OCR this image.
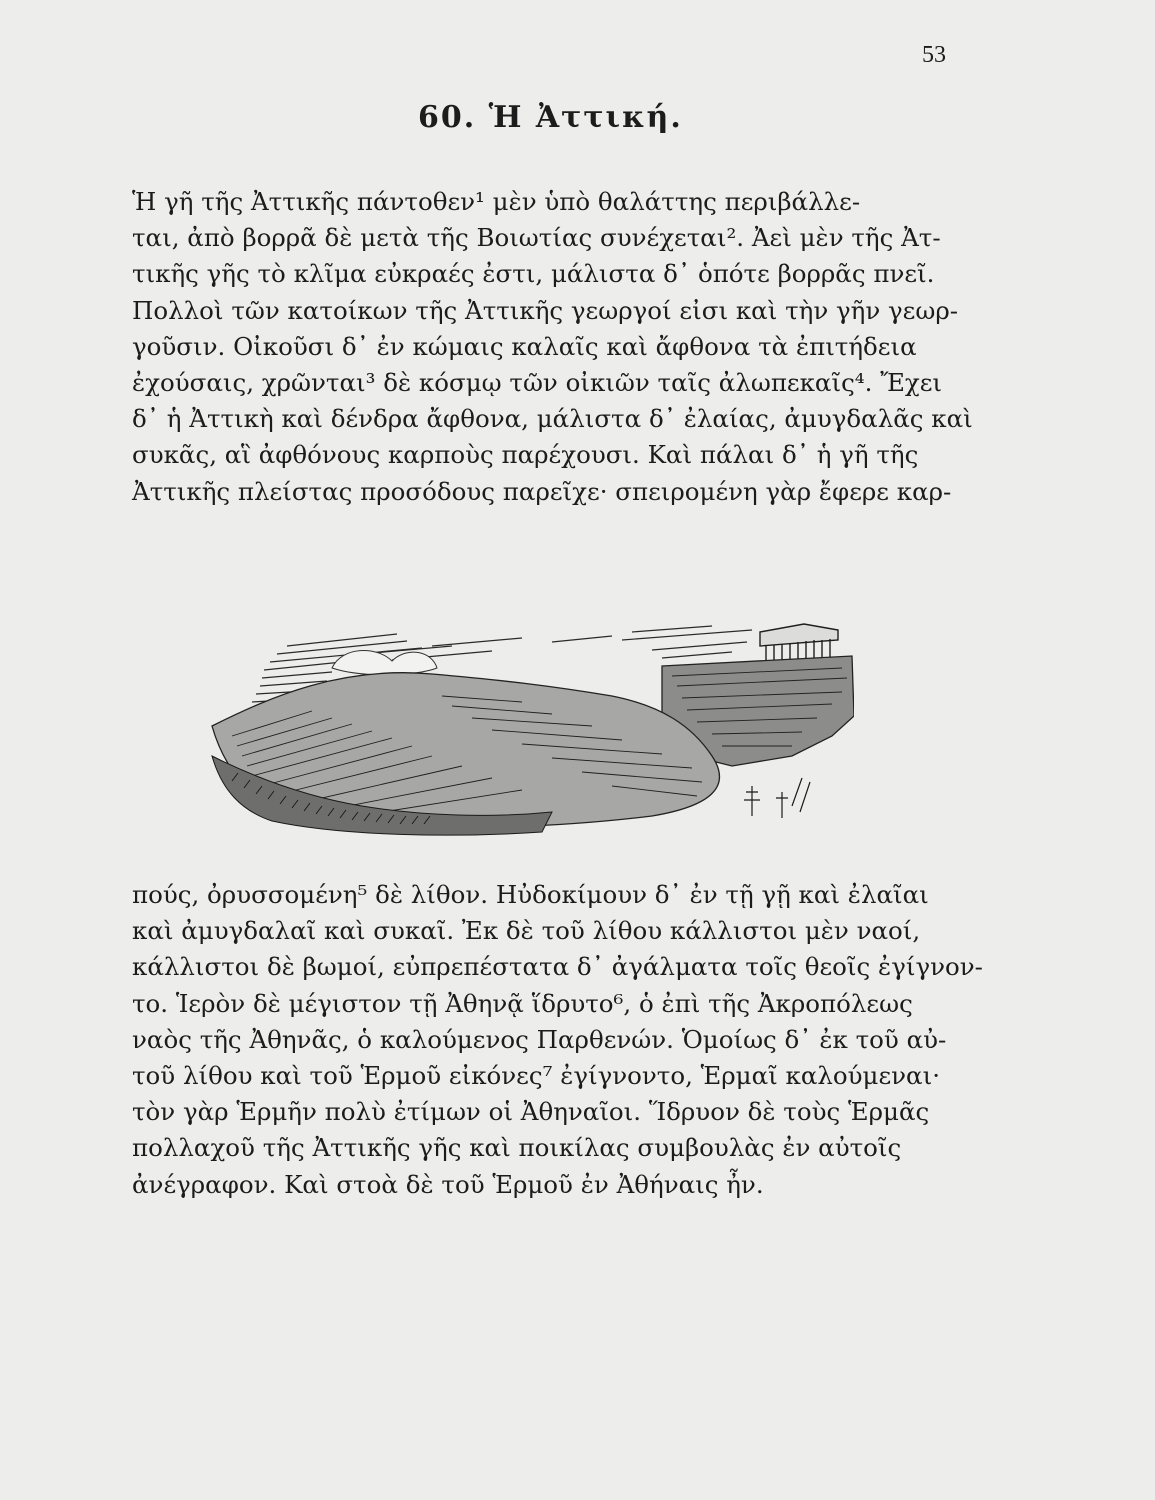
53
60. Ἡ Ἀττική.
Ἡ γῆ τῆς Ἀττικῆς πάντοθεν¹ μὲν ὑπὸ θαλάττης περιβάλλε-
ται, ἀπὸ βορρᾶ δὲ μετὰ τῆς Βοιωτίας συνέχεται². Ἀεὶ μὲν τῆς Ἀτ-
τικῆς γῆς τὸ κλῖμα εὐκραές ἐστι, μάλιστα δ᾽ ὁπότε βορρᾶς πνεῖ.
Πολλοὶ τῶν κατοίκων τῆς Ἀττικῆς γεωργοί εἰσι καὶ τὴν γῆν γεωρ-
γοῦσιν. Οἰκοῦσι δ᾽ ἐν κώμαις καλαῖς καὶ ἄφθονα τὰ ἐπιτήδεια
ἐχούσαις, χρῶνται³ δὲ κόσμῳ τῶν οἰκιῶν ταῖς ἀλωπεκαῖς⁴. Ἔχει
δ᾽ ἡ Ἀττικὴ καὶ δένδρα ἄφθονα, μάλιστα δ᾽ ἐλαίας, ἀμυγδαλᾶς καὶ
συκᾶς, αἳ ἀφθόνους καρποὺς παρέχουσι. Καὶ πάλαι δ᾽ ἡ γῆ τῆς
Ἀττικῆς πλείστας προσόδους παρεῖχε· σπειρομένη γὰρ ἔφερε καρ-
πούς, ὀρυσσομένη⁵ δὲ λίθον. Ηὐδοκίμουν δ᾽ ἐν τῇ γῇ καὶ ἐλαῖαι
καὶ ἀμυγδαλαῖ καὶ συκαῖ. Ἐκ δὲ τοῦ λίθου κάλλιστοι μὲν ναοί,
κάλλιστοι δὲ βωμοί, εὐπρεπέστατα δ᾽ ἀγάλματα τοῖς θεοῖς ἐγίγνον-
το. Ἱερὸν δὲ μέγιστον τῇ Ἀθηνᾷ ἵδρυτο⁶, ὁ ἐπὶ τῆς Ἀκροπόλεως
ναὸς τῆς Ἀθηνᾶς, ὁ καλούμενος Παρθενών. Ὁμοίως δ᾽ ἐκ τοῦ αὐ-
τοῦ λίθου καὶ τοῦ Ἑρμοῦ εἰκόνες⁷ ἐγίγνοντο, Ἑρμαῖ καλούμεναι·
τὸν γὰρ Ἑρμῆν πολὺ ἐτίμων οἱ Ἀθηναῖοι. Ἵδρυον δὲ τοὺς Ἑρμᾶς
πολλαχοῦ τῆς Ἀττικῆς γῆς καὶ ποικίλας συμβουλὰς ἐν αὐτοῖς
ἀνέγραφον. Καὶ στοὰ δὲ τοῦ Ἑρμοῦ ἐν Ἀθήναις ἦν.
